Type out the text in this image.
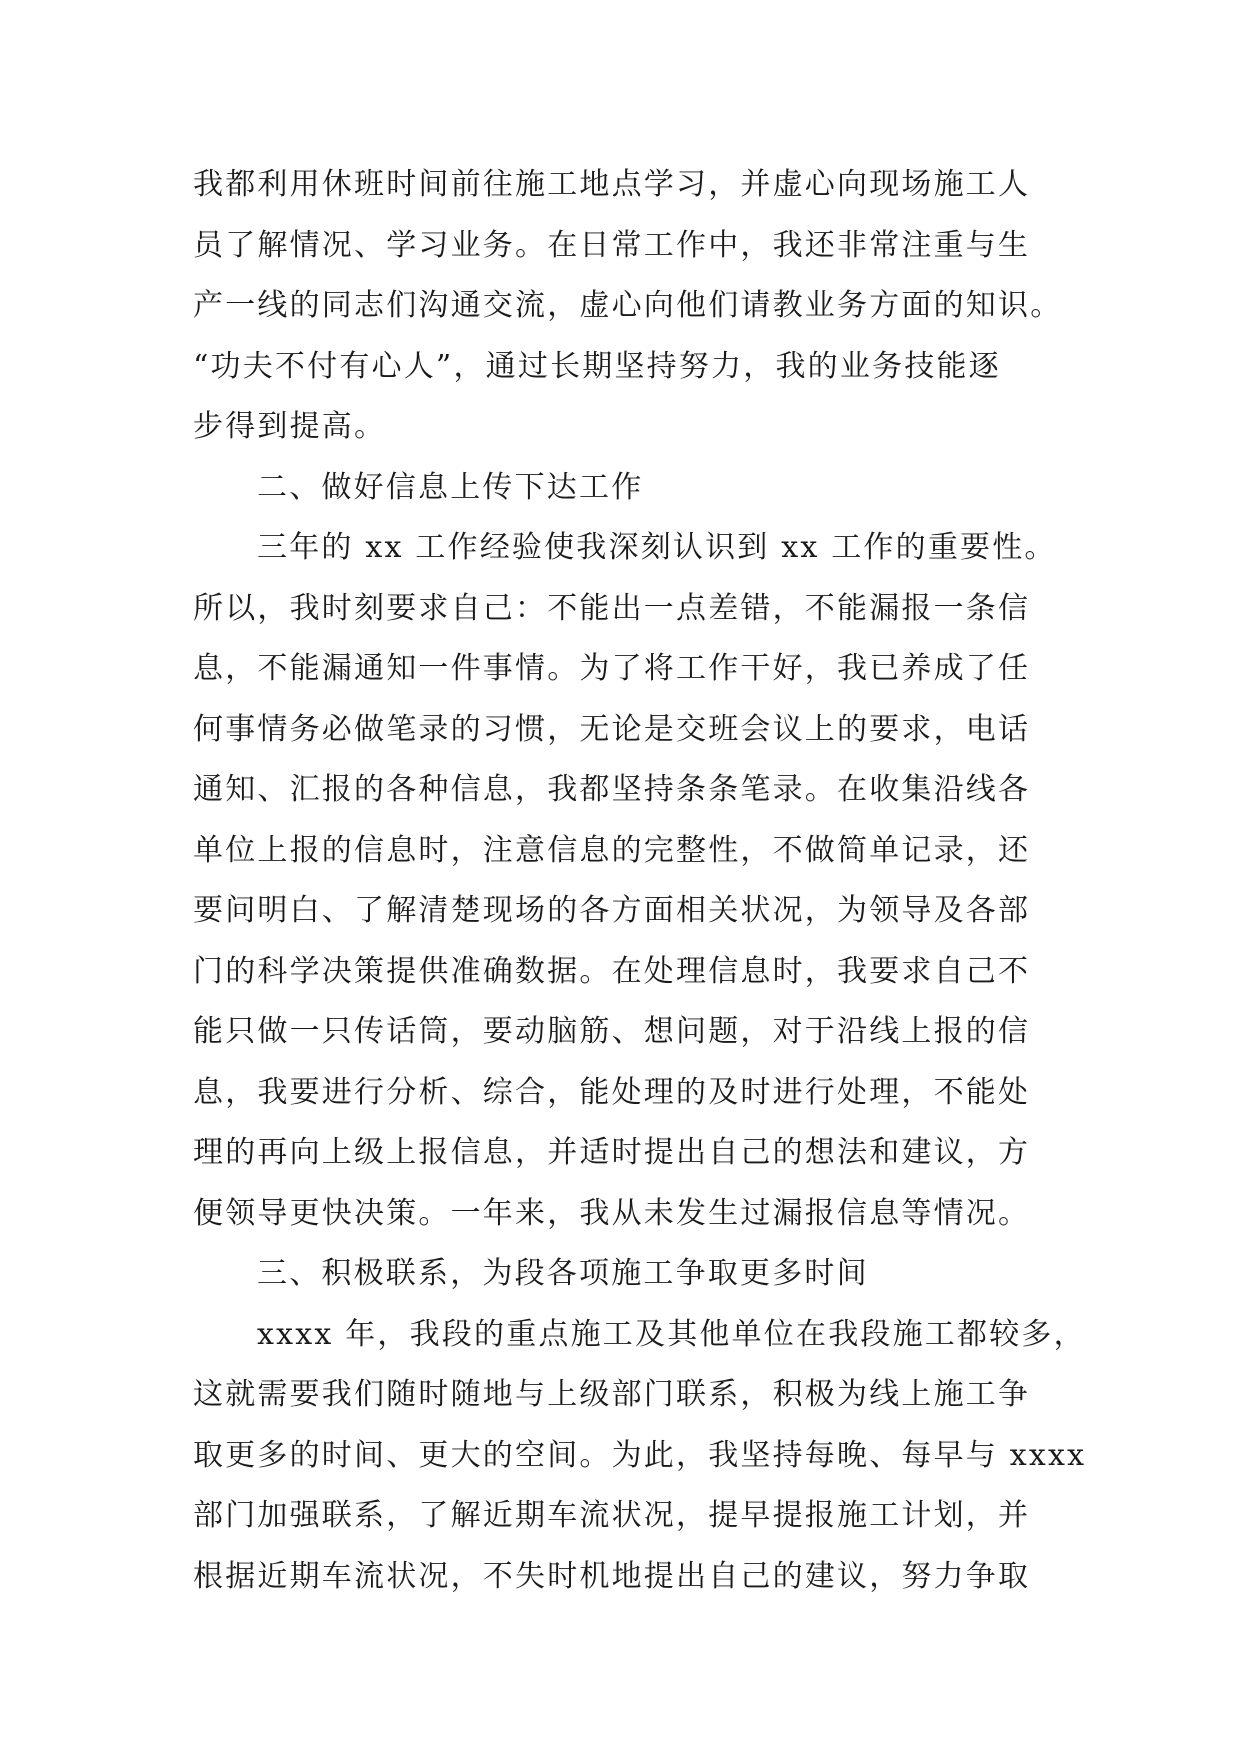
我都利用休班时间前往施工地点学习，并虚心向现场施工人
员了解情况、学习业务。在日常工作中，我还非常注重与生
产一线的同志们沟通交流，虚心向他们请教业务方面的知识。
“功夫不付有心人”，通过长期坚持努力，我的业务技能逐
步得到提高。
二、做好信息上传下达工作
三年的 xx 工作经验使我深刻认识到 xx 工作的重要性。
所以，我时刻要求自己：不能出一点差错，不能漏报一条信
息，不能漏通知一件事情。为了将工作干好，我已养成了任
何事情务必做笔录的习惯，无论是交班会议上的要求，电话
通知、汇报的各种信息，我都坚持条条笔录。在收集沿线各
单位上报的信息时，注意信息的完整性，不做简单记录，还
要问明白、了解清楚现场的各方面相关状况，为领导及各部
门的科学决策提供准确数据。在处理信息时，我要求自己不
能只做一只传话筒，要动脑筋、想问题，对于沿线上报的信
息，我要进行分析、综合，能处理的及时进行处理，不能处
理的再向上级上报信息，并适时提出自己的想法和建议，方
便领导更快决策。一年来，我从未发生过漏报信息等情况。
三、积极联系，为段各项施工争取更多时间
xxxx 年，我段的重点施工及其他单位在我段施工都较多，
这就需要我们随时随地与上级部门联系，积极为线上施工争
取更多的时间、更大的空间。为此，我坚持每晚、每早与 xxxx
部门加强联系，了解近期车流状况，提早提报施工计划，并
根据近期车流状况，不失时机地提出自己的建议，努力争取
